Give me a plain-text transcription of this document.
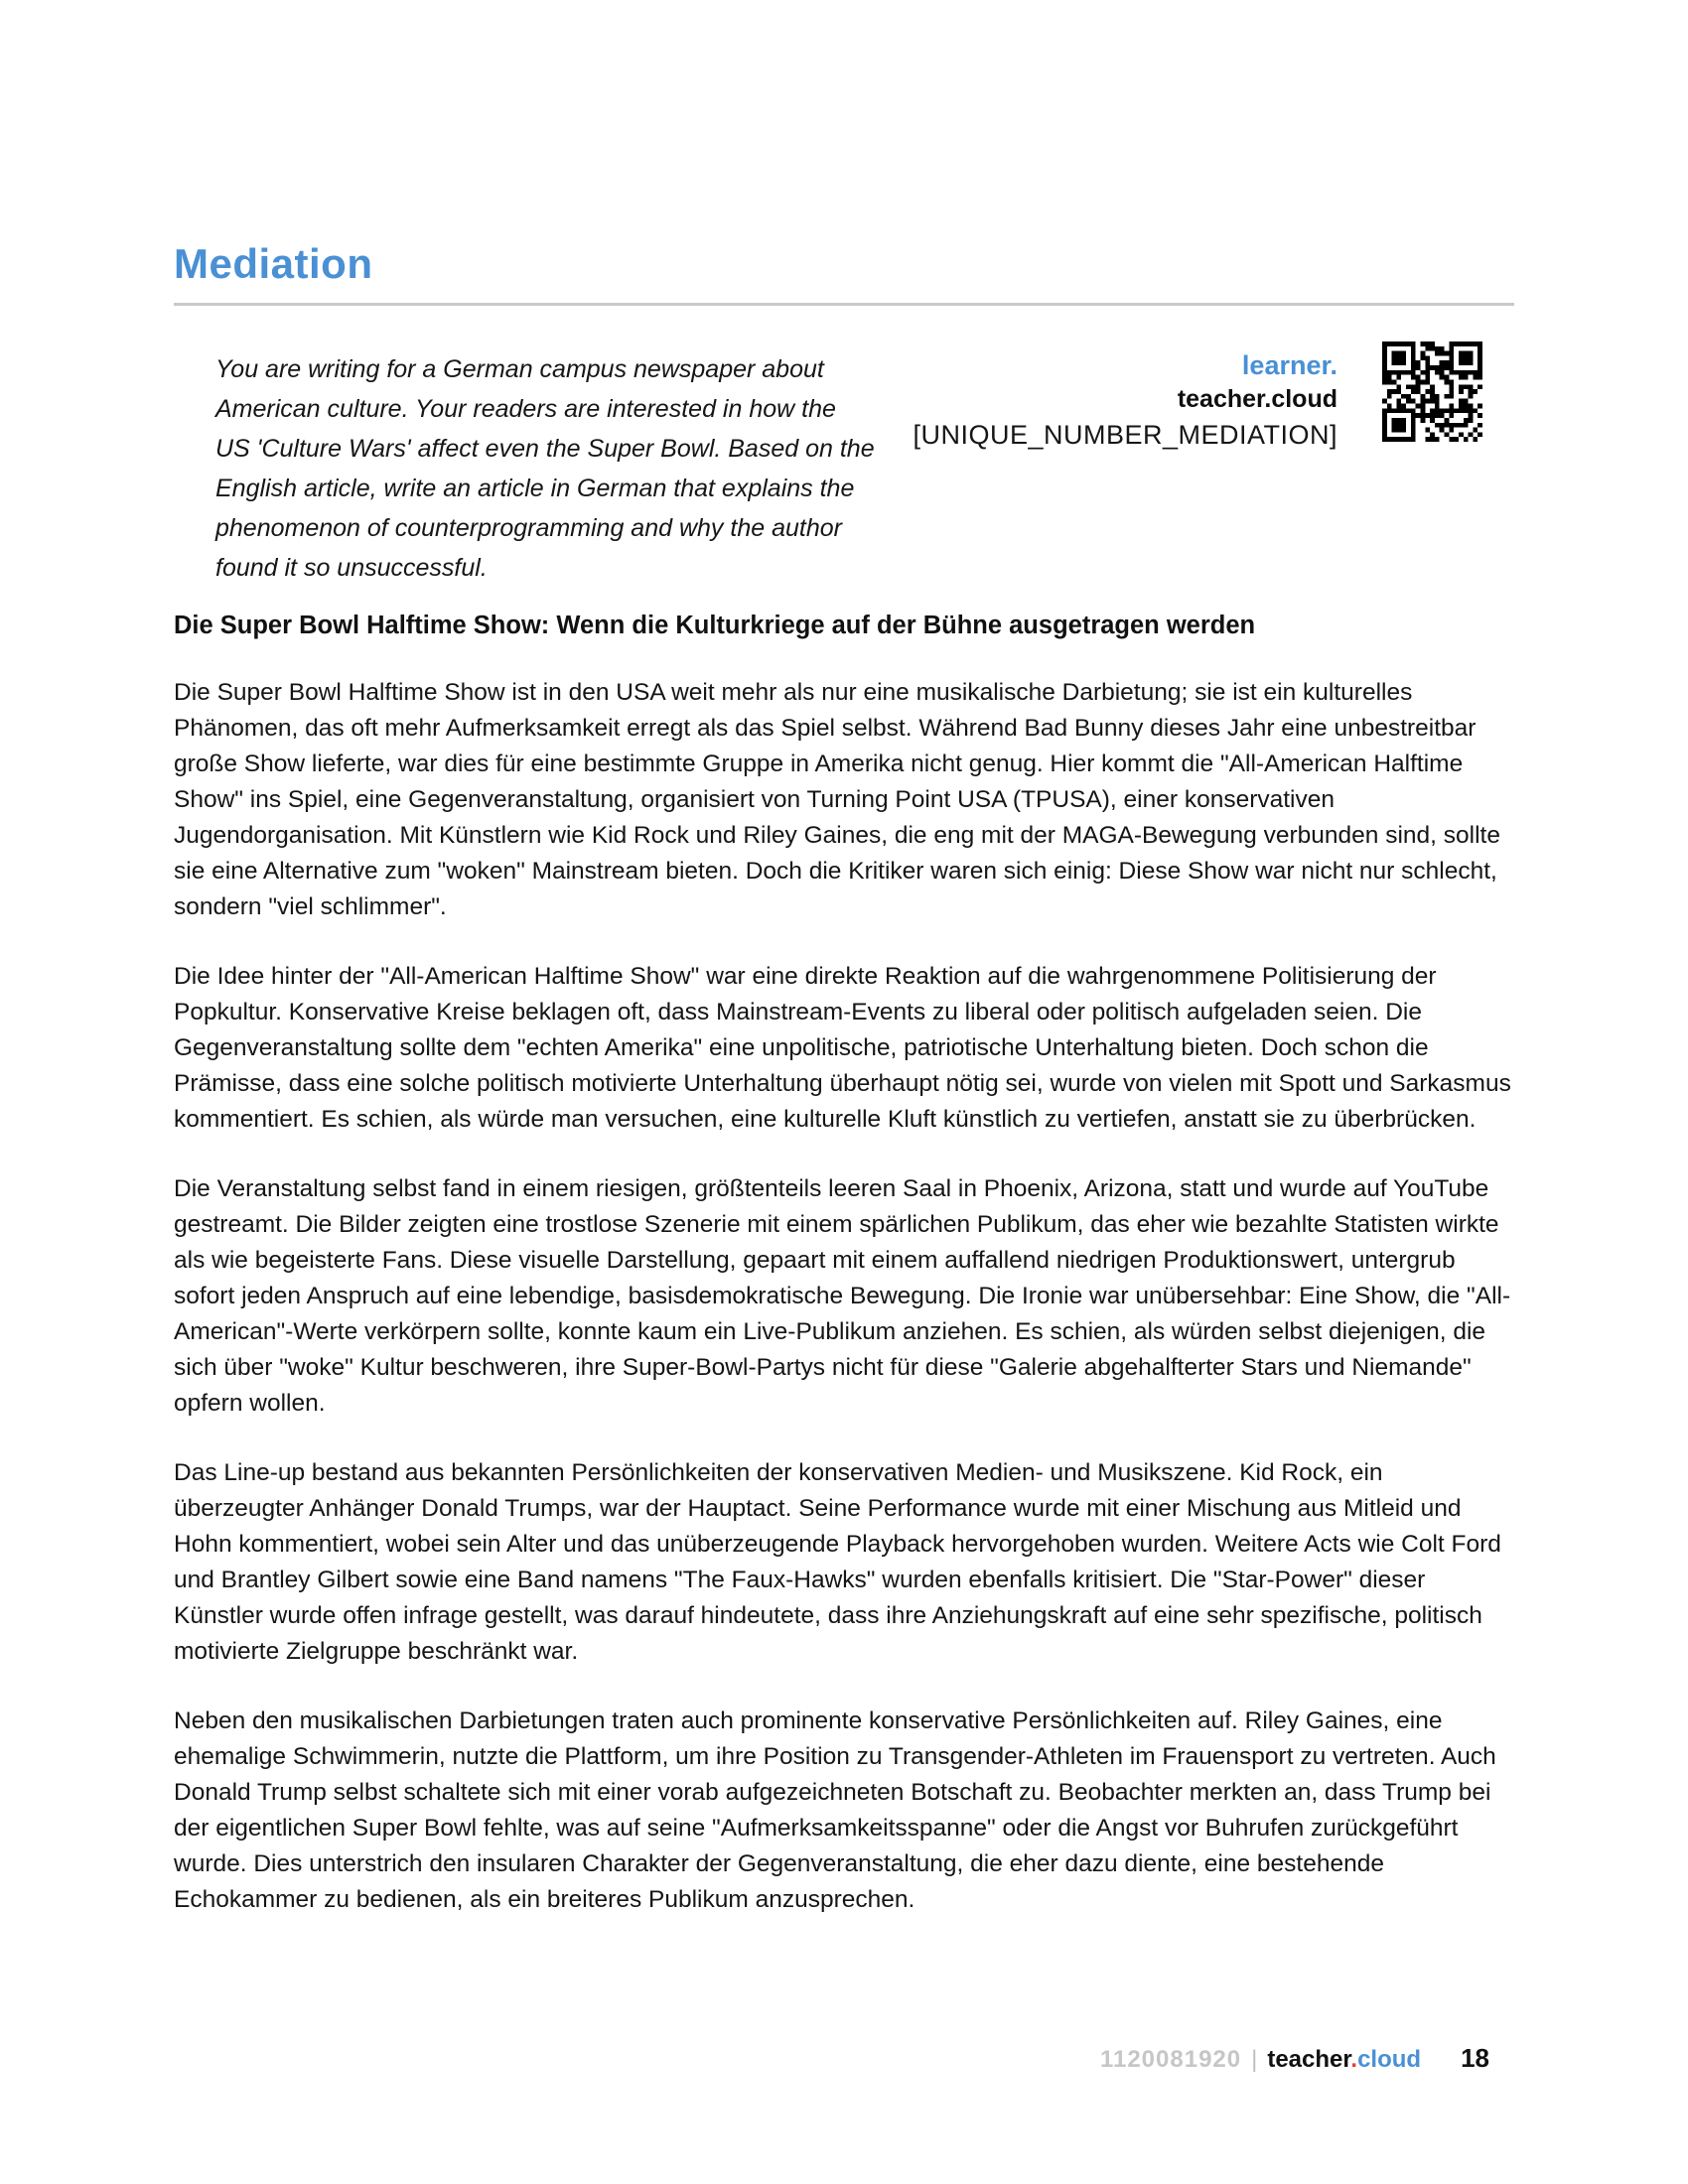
Mediation

You are writing for a German campus newspaper about American culture. Your readers are interested in how the US 'Culture Wars' affect even the Super Bowl. Based on the English article, write an article in German that explains the phenomenon of counterprogramming and why the author found it so unsuccessful.

learner.
teacher.cloud
[UNIQUE_NUMBER_MEDIATION]
Die Super Bowl Halftime Show: Wenn die Kulturkriege auf der Bühne ausgetragen werden

Die Super Bowl Halftime Show ist in den USA weit mehr als nur eine musikalische Darbietung; sie ist ein kulturelles Phänomen, das oft mehr Aufmerksamkeit erregt als das Spiel selbst. Während Bad Bunny dieses Jahr eine unbestreitbar große Show lieferte, war dies für eine bestimmte Gruppe in Amerika nicht genug. Hier kommt die "All-American Halftime Show" ins Spiel, eine Gegenveranstaltung, organisiert von Turning Point USA (TPUSA), einer konservativen Jugendorganisation. Mit Künstlern wie Kid Rock und Riley Gaines, die eng mit der MAGA-Bewegung verbunden sind, sollte sie eine Alternative zum "woken" Mainstream bieten. Doch die Kritiker waren sich einig: Diese Show war nicht nur schlecht, sondern "viel schlimmer".

Die Idee hinter der "All-American Halftime Show" war eine direkte Reaktion auf die wahrgenommene Politisierung der Popkultur. Konservative Kreise beklagen oft, dass Mainstream-Events zu liberal oder politisch aufgeladen seien. Die Gegenveranstaltung sollte dem "echten Amerika" eine unpolitische, patriotische Unterhaltung bieten. Doch schon die Prämisse, dass eine solche politisch motivierte Unterhaltung überhaupt nötig sei, wurde von vielen mit Spott und Sarkasmus kommentiert. Es schien, als würde man versuchen, eine kulturelle Kluft künstlich zu vertiefen, anstatt sie zu überbrücken.

Die Veranstaltung selbst fand in einem riesigen, größtenteils leeren Saal in Phoenix, Arizona, statt und wurde auf YouTube gestreamt. Die Bilder zeigten eine trostlose Szenerie mit einem spärlichen Publikum, das eher wie bezahlte Statisten wirkte als wie begeisterte Fans. Diese visuelle Darstellung, gepaart mit einem auffallend niedrigen Produktionswert, untergrub sofort jeden Anspruch auf eine lebendige, basisdemokratische Bewegung. Die Ironie war unübersehbar: Eine Show, die "All-American"-Werte verkörpern sollte, konnte kaum ein Live-Publikum anziehen. Es schien, als würden selbst diejenigen, die sich über "woke" Kultur beschweren, ihre Super-Bowl-Partys nicht für diese "Galerie abgehalfterter Stars und Niemande" opfern wollen.

Das Line-up bestand aus bekannten Persönlichkeiten der konservativen Medien- und Musikszene. Kid Rock, ein überzeugter Anhänger Donald Trumps, war der Hauptact. Seine Performance wurde mit einer Mischung aus Mitleid und Hohn kommentiert, wobei sein Alter und das unüberzeugende Playback hervorgehoben wurden. Weitere Acts wie Colt Ford und Brantley Gilbert sowie eine Band namens "The Faux-Hawks" wurden ebenfalls kritisiert. Die "Star-Power" dieser Künstler wurde offen infrage gestellt, was darauf hindeutete, dass ihre Anziehungskraft auf eine sehr spezifische, politisch motivierte Zielgruppe beschränkt war.

Neben den musikalischen Darbietungen traten auch prominente konservative Persönlichkeiten auf. Riley Gaines, eine ehemalige Schwimmerin, nutzte die Plattform, um ihre Position zu Transgender-Athleten im Frauensport zu vertreten. Auch Donald Trump selbst schaltete sich mit einer vorab aufgezeichneten Botschaft zu. Beobachter merkten an, dass Trump bei der eigentlichen Super Bowl fehlte, was auf seine "Aufmerksamkeitsspanne" oder die Angst vor Buhrufen zurückgeführt wurde. Dies unterstrich den insularen Charakter der Gegenveranstaltung, die eher dazu diente, eine bestehende Echokammer zu bedienen, als ein breiteres Publikum anzusprechen.

1120081920 | teacher.cloud 18
